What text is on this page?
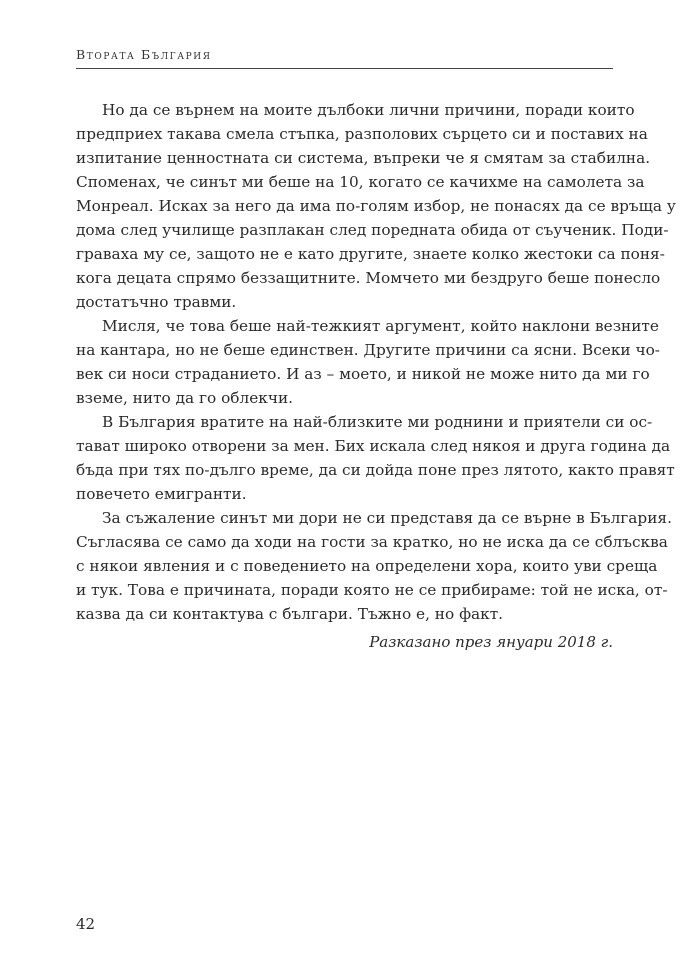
Втората България
Но да се върнем на моите дълбоки лични причини, поради които
предприех такава смела стъпка, разполових сърцето си и поставих на
изпитание ценностната си система, въпреки че я смятам за стабилна.
Споменах, че синът ми беше на 10, когато се качихме на самолета за
Монреал. Исках за него да има по-голям избор, не понасях да се връща у
дома след училище разплакан след поредната обида от съученик. Поди-
граваха му се, защото не е като другите, знаете колко жестоки са поня-
кога децата спрямо беззащитните. Момчето ми бездруго беше понесло
достатъчно травми.
Мисля, че това беше най-тежкият аргумент, който наклони везните
на кантара, но не беше единствен. Другите причини са ясни. Всеки чо-
век си носи страданието. И аз – моето, и никой не може нито да ми го
вземе, нито да го облекчи.
В България вратите на най-близките ми роднини и приятели си ос-
тават широко отворени за мен. Бих искала след някоя и друга година да
бъда при тях по-дълго време, да си дойда поне през лятото, както правят
повечето емигранти.
За съжаление синът ми дори не си представя да се върне в България.
Съгласява се само да ходи на гости за кратко, но не иска да се сблъсква
с някои явления и с поведението на определени хора, които уви среща
и тук. Това е причината, поради която не се прибираме: той не иска, от-
казва да си контактува с българи. Тъжно е, но факт.
Разказано през януари 2018 г.
42
